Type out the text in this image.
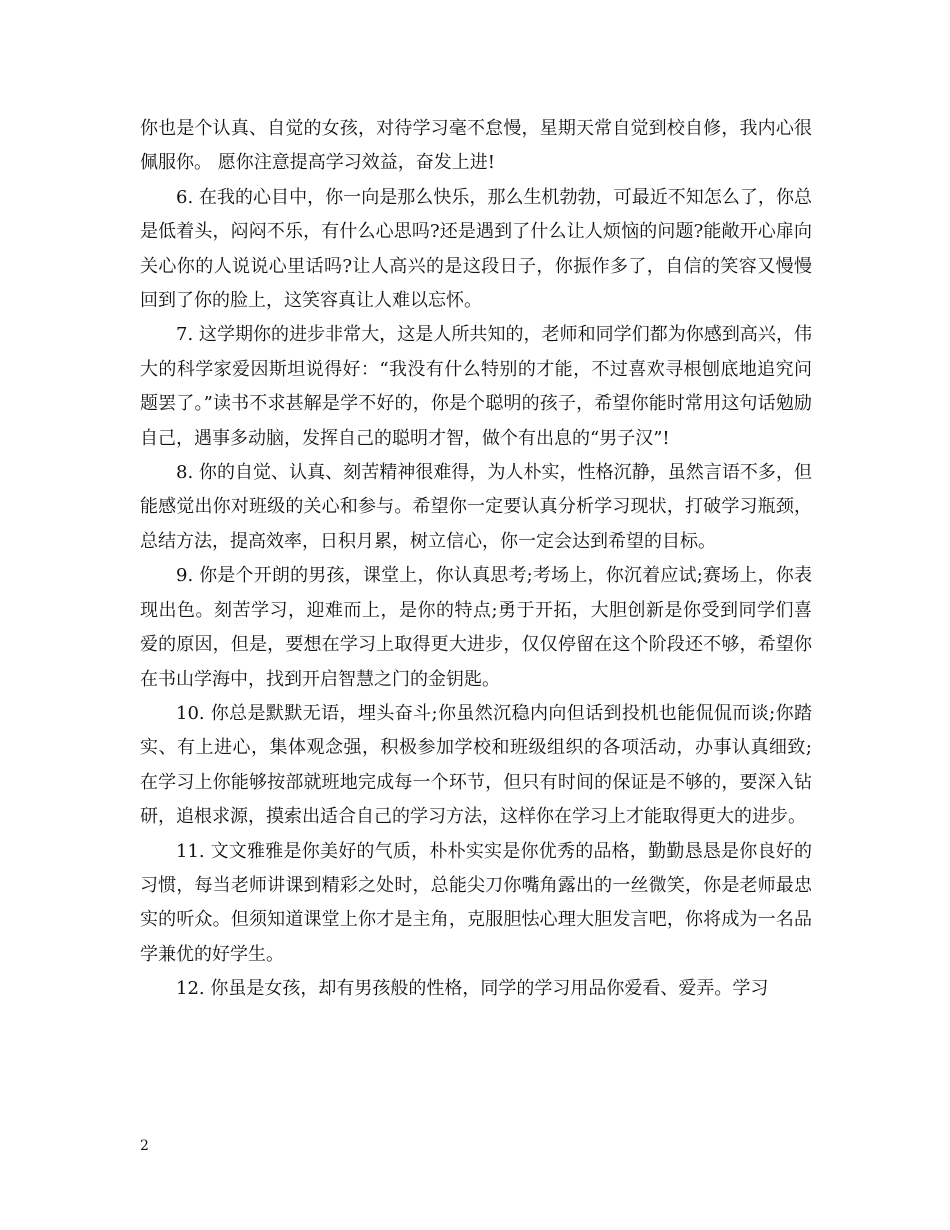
你也是个认真、自觉的女孩，对待学习毫不怠慢，星期天常自觉到校自修，我内心很佩服你。 愿你注意提高学习效益，奋发上进!

6. 在我的心目中，你一向是那么快乐，那么生机勃勃，可最近不知怎么了，你总是低着头，闷闷不乐，有什么心思吗?还是遇到了什么让人烦恼的问题?能敞开心扉向关心你的人说说心里话吗?让人高兴的是这段日子，你振作多了，自信的笑容又慢慢回到了你的脸上，这笑容真让人难以忘怀。

7. 这学期你的进步非常大，这是人所共知的，老师和同学们都为你感到高兴，伟大的科学家爱因斯坦说得好：“我没有什么特别的才能，不过喜欢寻根刨底地追究问题罢了。”读书不求甚解是学不好的，你是个聪明的孩子，希望你能时常用这句话勉励自己，遇事多动脑，发挥自己的聪明才智，做个有出息的“男子汉”!

8. 你的自觉、认真、刻苦精神很难得，为人朴实，性格沉静，虽然言语不多，但能感觉出你对班级的关心和参与。希望你一定要认真分析学习现状，打破学习瓶颈，总结方法，提高效率，日积月累，树立信心，你一定会达到希望的目标。

9. 你是个开朗的男孩，课堂上，你认真思考;考场上，你沉着应试;赛场上，你表现出色。刻苦学习，迎难而上，是你的特点;勇于开拓，大胆创新是你受到同学们喜爱的原因，但是，要想在学习上取得更大进步，仅仅停留在这个阶段还不够，希望你在书山学海中，找到开启智慧之门的金钥匙。

10. 你总是默默无语，埋头奋斗;你虽然沉稳内向但话到投机也能侃侃而谈;你踏实、有上进心，集体观念强，积极参加学校和班级组织的各项活动，办事认真细致;在学习上你能够按部就班地完成每一个环节，但只有时间的保证是不够的，要深入钻研，追根求源，摸索出适合自己的学习方法，这样你在学习上才能取得更大的进步。

11. 文文雅雅是你美好的气质，朴朴实实是你优秀的品格，勤勤恳恳是你良好的习惯，每当老师讲课到精彩之处时，总能尖刀你嘴角露出的一丝微笑，你是老师最忠实的听众。但须知道课堂上你才是主角，克服胆怯心理大胆发言吧，你将成为一名品学兼优的好学生。

12. 你虽是女孩，却有男孩般的性格，同学的学习用品你爱看、爱弄。学习

2
